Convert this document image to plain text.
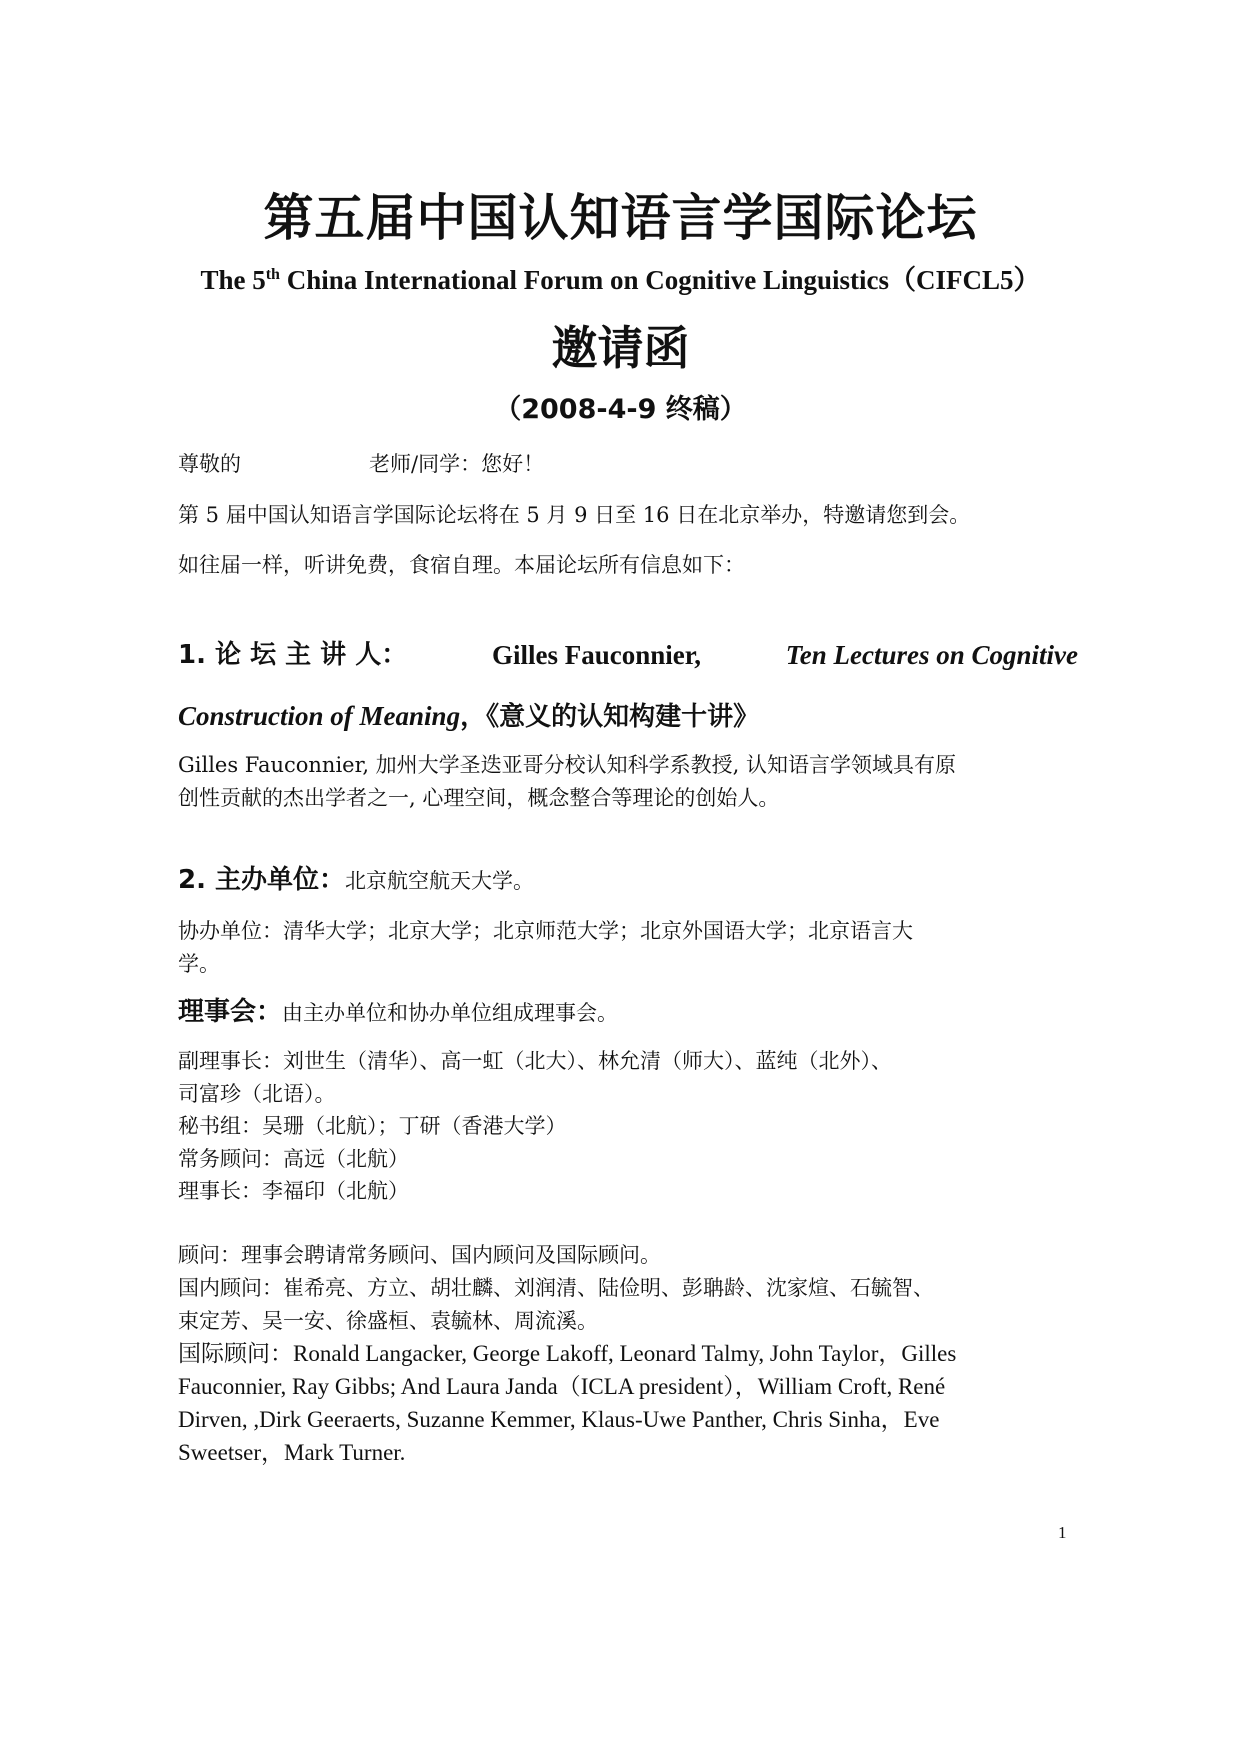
第五届中国认知语言学国际论坛
The 5th China International Forum on Cognitive Linguistics（CIFCL5）
邀请函
（2008-4-9 终稿）
尊敬的	老师/同学：您好！
第 5 届中国认知语言学国际论坛将在 5 月 9 日至 16 日在北京举办，特邀请您到会。
如往届一样，听讲免费，食宿自理。本届论坛所有信息如下：
1. 论 坛 主 讲 人：	Gilles Fauconnier,	Ten Lectures on Cognitive
Construction of Meaning，《意义的认知构建十讲》
Gilles Fauconnier, 加州大学圣迭亚哥分校认知科学系教授, 认知语言学领域具有原
创性贡献的杰出学者之一, 心理空间，概念整合等理论的创始人。
2. 主办单位：北京航空航天大学。
协办单位：清华大学；北京大学；北京师范大学；北京外国语大学；北京语言大
学。
理事会：由主办单位和协办单位组成理事会。
副理事长：刘世生（清华）、高一虹（北大）、林允清（师大）、蓝纯（北外）、
司富珍（北语）。
秘书组：吴珊（北航）；丁研（香港大学）
常务顾问：高远（北航）
理事长：李福印（北航）
顾问：理事会聘请常务顾问、国内顾问及国际顾问。
国内顾问：崔希亮、方立、胡壮麟、刘润清、陆俭明、彭聃龄、沈家煊、石毓智、
束定芳、吴一安、徐盛桓、袁毓林、周流溪。
国际顾问：Ronald Langacker, George Lakoff, Leonard Talmy, John Taylor，Gilles
Fauconnier, Ray Gibbs; And Laura Janda（ICLA president），William Croft, René
Dirven, ,Dirk Geeraerts, Suzanne Kemmer, Klaus-Uwe Panther, Chris Sinha，Eve
Sweetser，Mark Turner.
1
